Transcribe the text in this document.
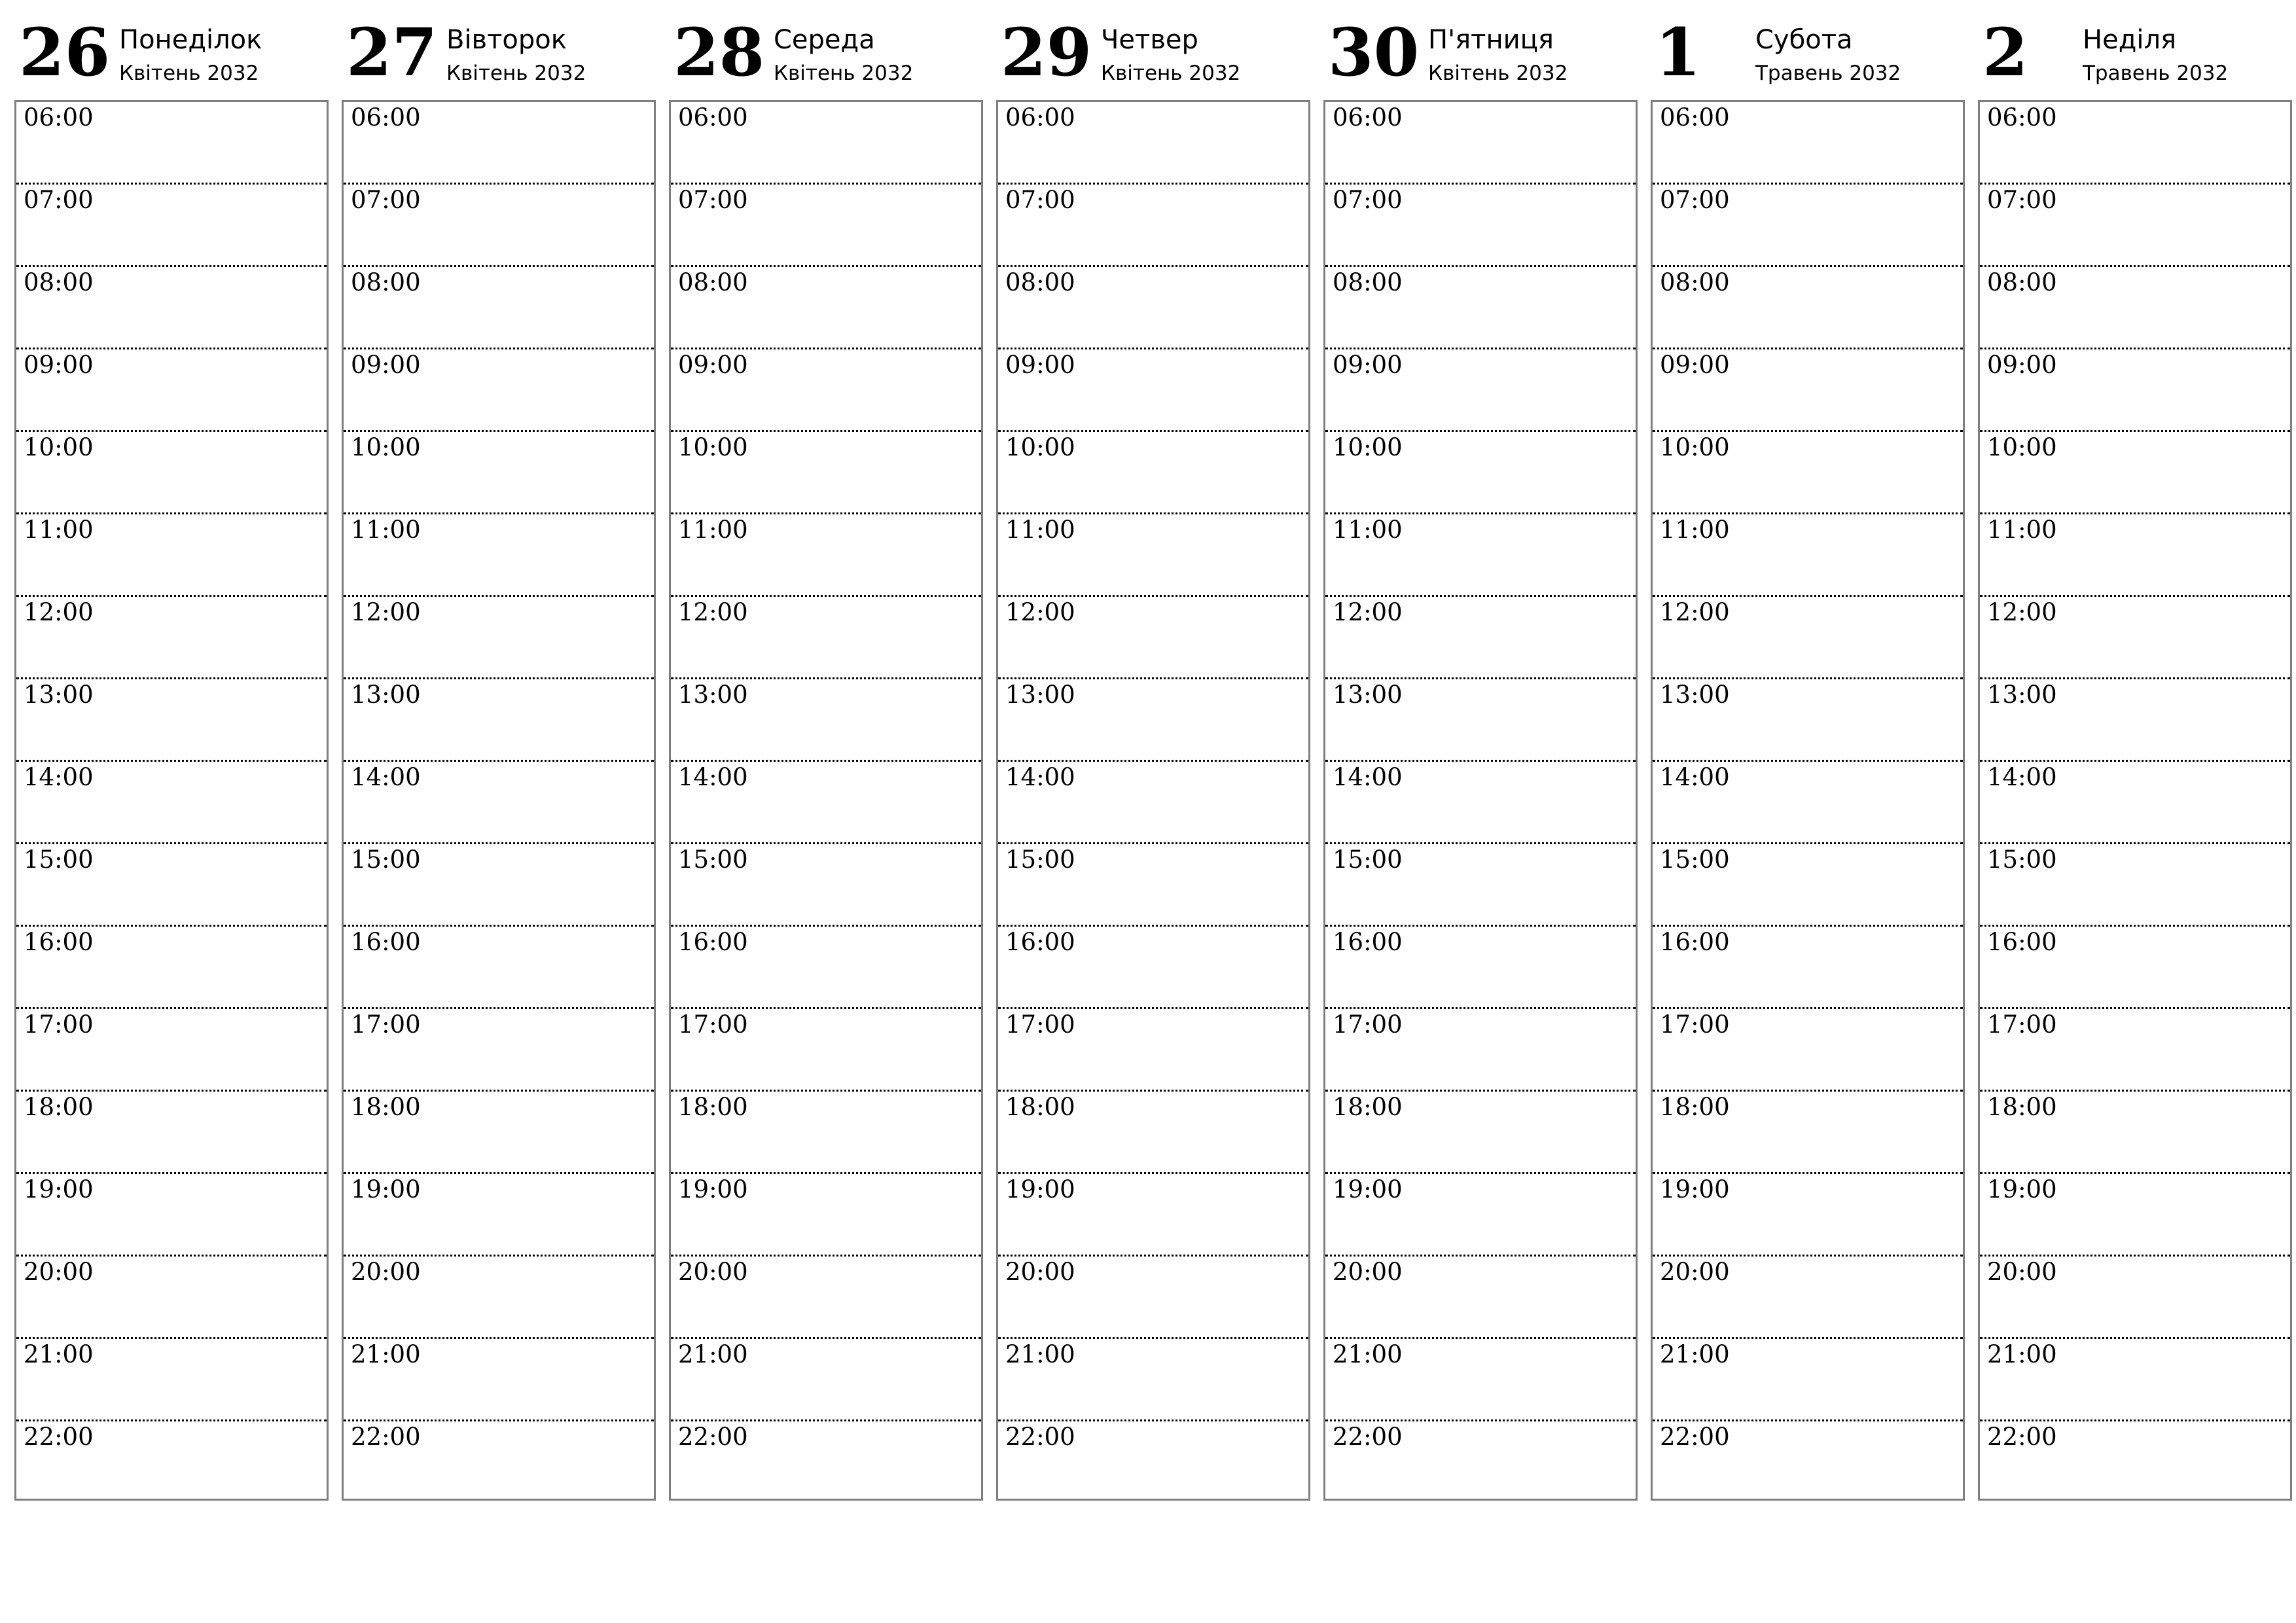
26 Понеділок
Квітень 2032
06:00
07:00
08:00
09:00
10:00
11:00
12:00
13:00
14:00
15:00
16:00
17:00
18:00
19:00
20:00
21:00
22:00
27 Вівторок
Квітень 2032
06:00
07:00
08:00
09:00
10:00
11:00
12:00
13:00
14:00
15:00
16:00
17:00
18:00
19:00
20:00
21:00
22:00
28 Середа
Квітень 2032
06:00
07:00
08:00
09:00
10:00
11:00
12:00
13:00
14:00
15:00
16:00
17:00
18:00
19:00
20:00
21:00
22:00
29 Четвер
Квітень 2032
06:00
07:00
08:00
09:00
10:00
11:00
12:00
13:00
14:00
15:00
16:00
17:00
18:00
19:00
20:00
21:00
22:00
30 П'ятниця
Квітень 2032
06:00
07:00
08:00
09:00
10:00
11:00
12:00
13:00
14:00
15:00
16:00
17:00
18:00
19:00
20:00
21:00
22:00
1 Субота
Травень 2032
06:00
07:00
08:00
09:00
10:00
11:00
12:00
13:00
14:00
15:00
16:00
17:00
18:00
19:00
20:00
21:00
22:00
2 Неділя
Травень 2032
06:00
07:00
08:00
09:00
10:00
11:00
12:00
13:00
14:00
15:00
16:00
17:00
18:00
19:00
20:00
21:00
22:00
